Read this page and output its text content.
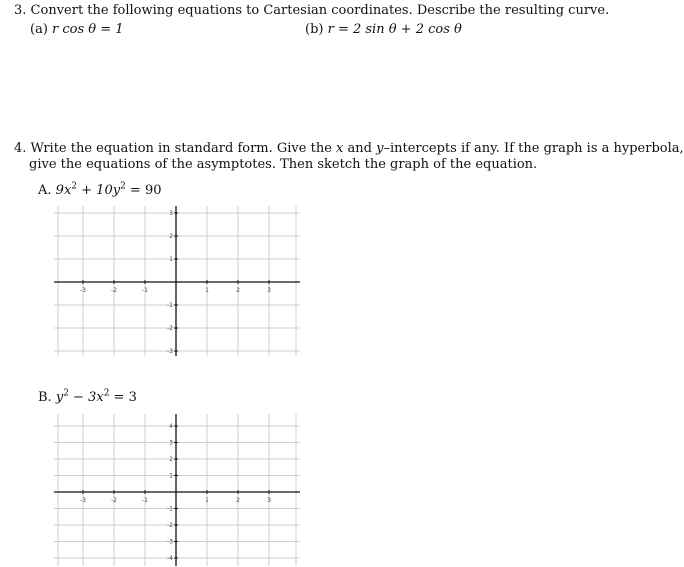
3. Convert the following equations to Cartesian coordinates. Describe the resulting curve.
(a) r cos θ = 1	(b) r = 2 sin θ + 2 cos θ
4. Write the equation in standard form. Give the x and y–intercepts if any. If the graph is a hyperbola,
give the equations of the asymptotes. Then sketch the graph of the equation.
A. $9x^2 + 10y^2 = 90$
-3	-2	-1	1	2	3
3
2
1
-1
-2
-3
B. $y^2 - 3x^2 = 3$
-3	-2	-1	1	2	3
4
3
2
1
-1
-2
-3
-4
